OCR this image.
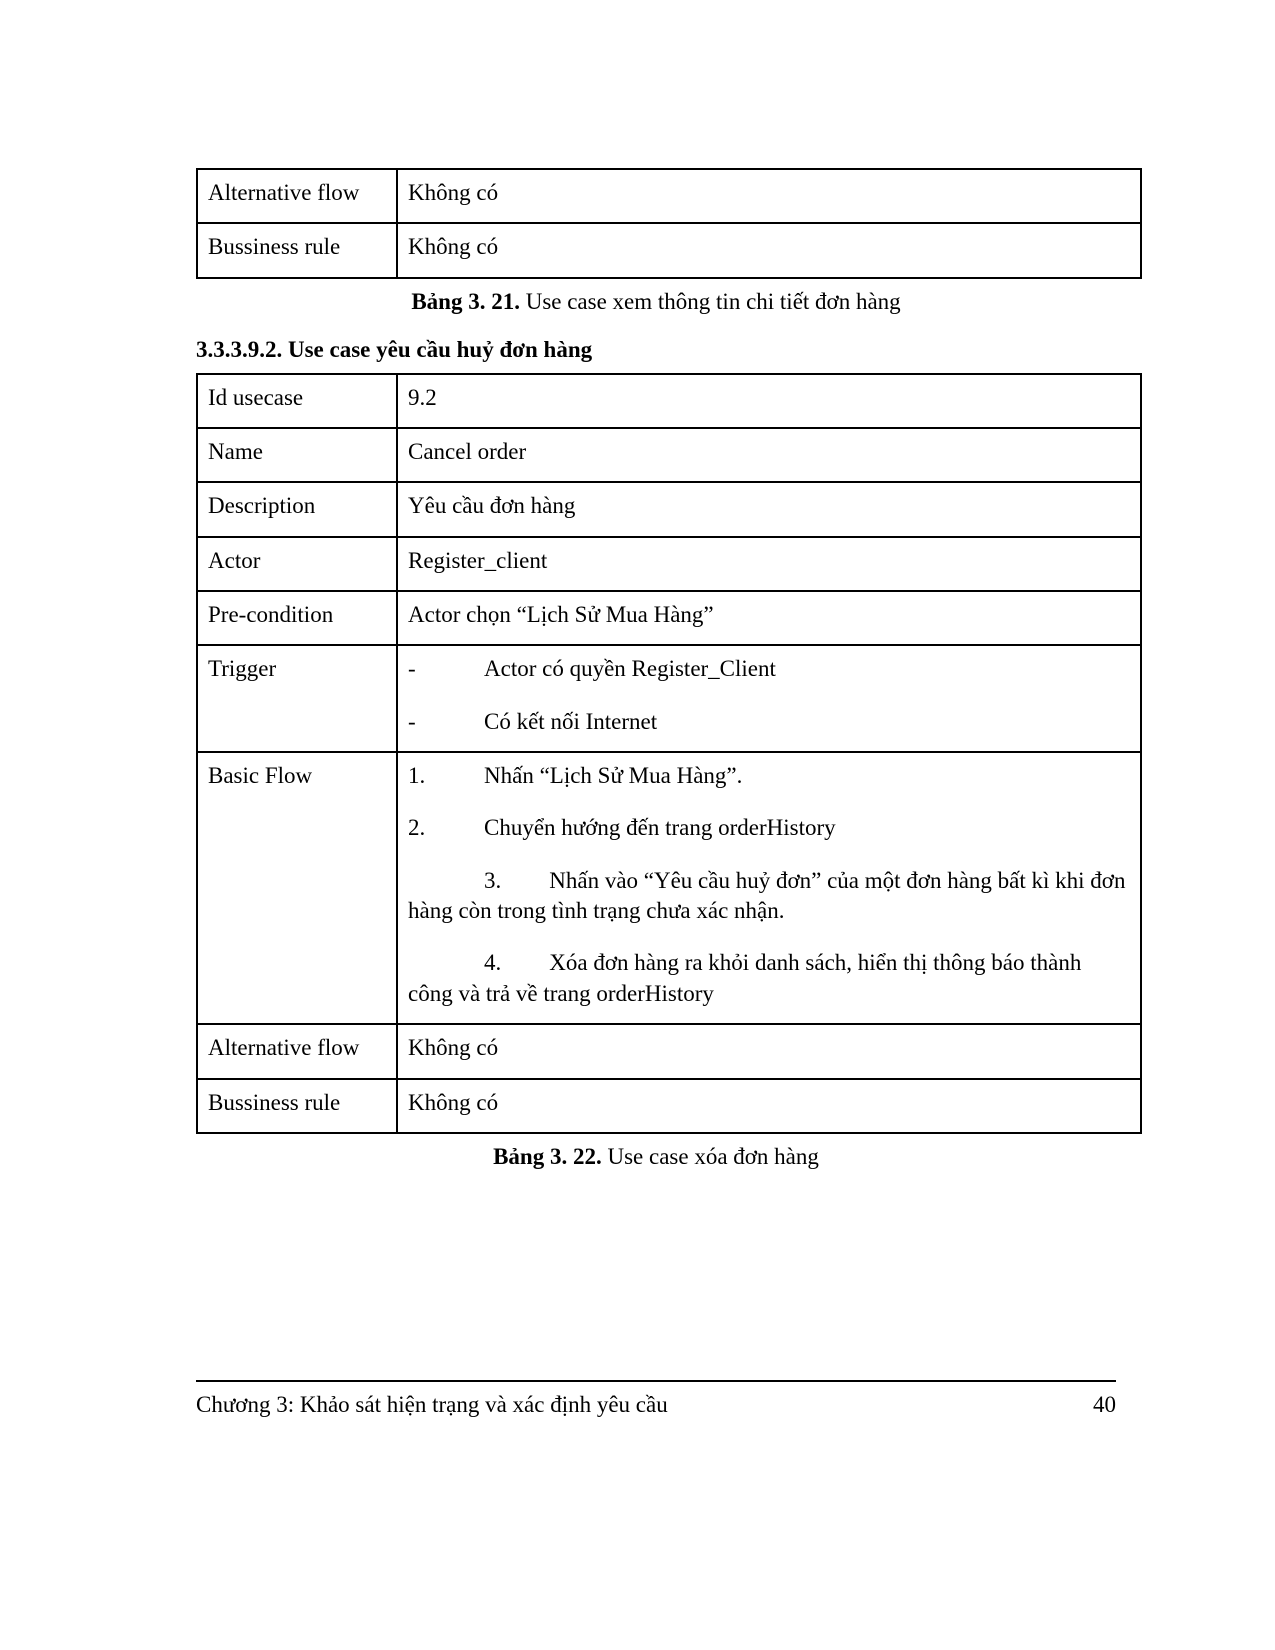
Alternative flow	Không có
Bussiness rule	Không có
Bảng 3. 21. Use case xem thông tin chi tiết đơn hàng
3.3.3.9.2. Use case yêu cầu huỷ đơn hàng
Id usecase	9.2
Name	Cancel order
Description	Yêu cầu đơn hàng
Actor	Register_client
Pre-condition	Actor chọn “Lịch Sử Mua Hàng”
Trigger	- Actor có quyền Register_Client
- Có kết nối Internet

Basic Flow	1.	Nhấn “Lịch Sử Mua Hàng”.
2.	Chuyển hướng đến trang orderHistory
3. Nhấn vào “Yêu cầu huỷ đơn” của một đơn hàng bất kì khi đơn hàng còn trong tình trạng chưa xác nhận.
4. Xóa đơn hàng ra khỏi danh sách, hiển thị thông báo thành công và trả về trang orderHistory

Alternative flow	Không có
Bussiness rule	Không có
Bảng 3. 22. Use case xóa đơn hàng
Chương 3: Khảo sát hiện trạng và xác định yêu cầu	40
